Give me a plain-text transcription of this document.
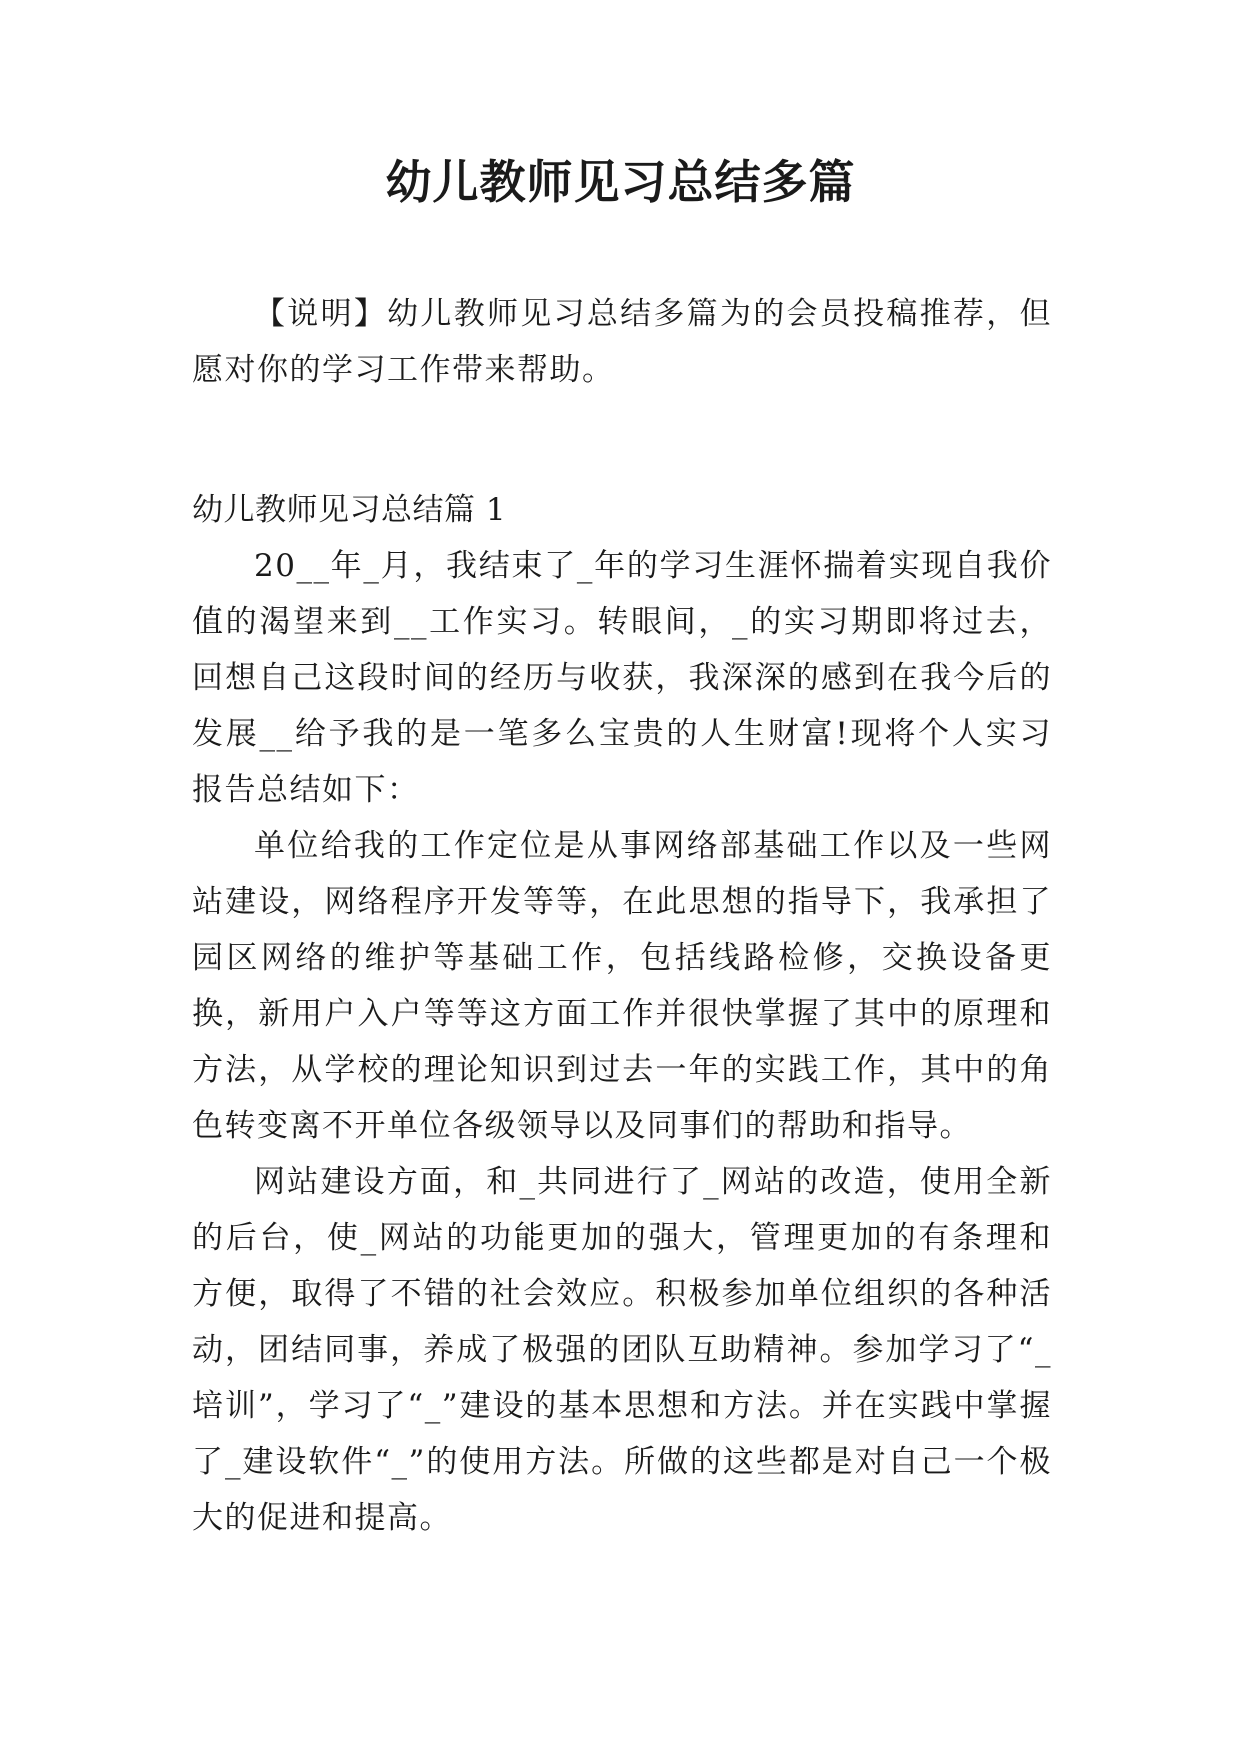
幼儿教师见习总结多篇

【说明】幼儿教师见习总结多篇为的会员投稿推荐，但愿对你的学习工作带来帮助。

幼儿教师见习总结篇 1

20__年_月，我结束了_年的学习生涯怀揣着实现自我价值的渴望来到__工作实习。转眼间，_的实习期即将过去，回想自己这段时间的经历与收获，我深深的感到在我今后的发展__给予我的是一笔多么宝贵的人生财富!现将个人实习报告总结如下：

单位给我的工作定位是从事网络部基础工作以及一些网站建设，网络程序开发等等，在此思想的指导下，我承担了园区网络的维护等基础工作，包括线路检修，交换设备更换，新用户入户等等这方面工作并很快掌握了其中的原理和方法，从学校的理论知识到过去一年的实践工作，其中的角色转变离不开单位各级领导以及同事们的帮助和指导。

网站建设方面，和_共同进行了_网站的改造，使用全新的后台，使_网站的功能更加的强大，管理更加的有条理和方便，取得了不错的社会效应。积极参加单位组织的各种活动，团结同事，养成了极强的团队互助精神。参加学习了“_培训”，学习了“_”建设的基本思想和方法。并在实践中掌握了_建设软件“_”的使用方法。所做的这些都是对自己一个极大的促进和提高。
